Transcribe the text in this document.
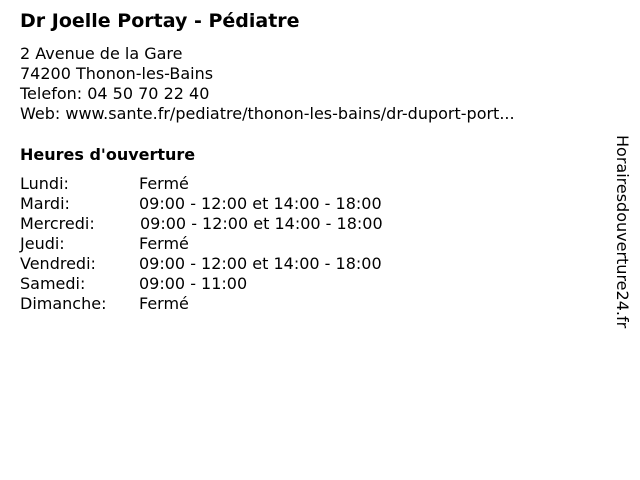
Dr Joelle Portay - Pédiatre
2 Avenue de la Gare
74200 Thonon-les-Bains
Telefon: 04 50 70 22 40
Web: www.sante.fr/pediatre/thonon-les-bains/dr-duport-port...
Heures d'ouverture
Lundi:	Fermé
Mardi:	09:00 - 12:00 et 14:00 - 18:00
Mercredi:	09:00 - 12:00 et 14:00 - 18:00
Jeudi:	Fermé
Vendredi:	09:00 - 12:00 et 14:00 - 18:00
Samedi:	09:00 - 11:00
Dimanche:	Fermé	Horairesdouverture24.fr
